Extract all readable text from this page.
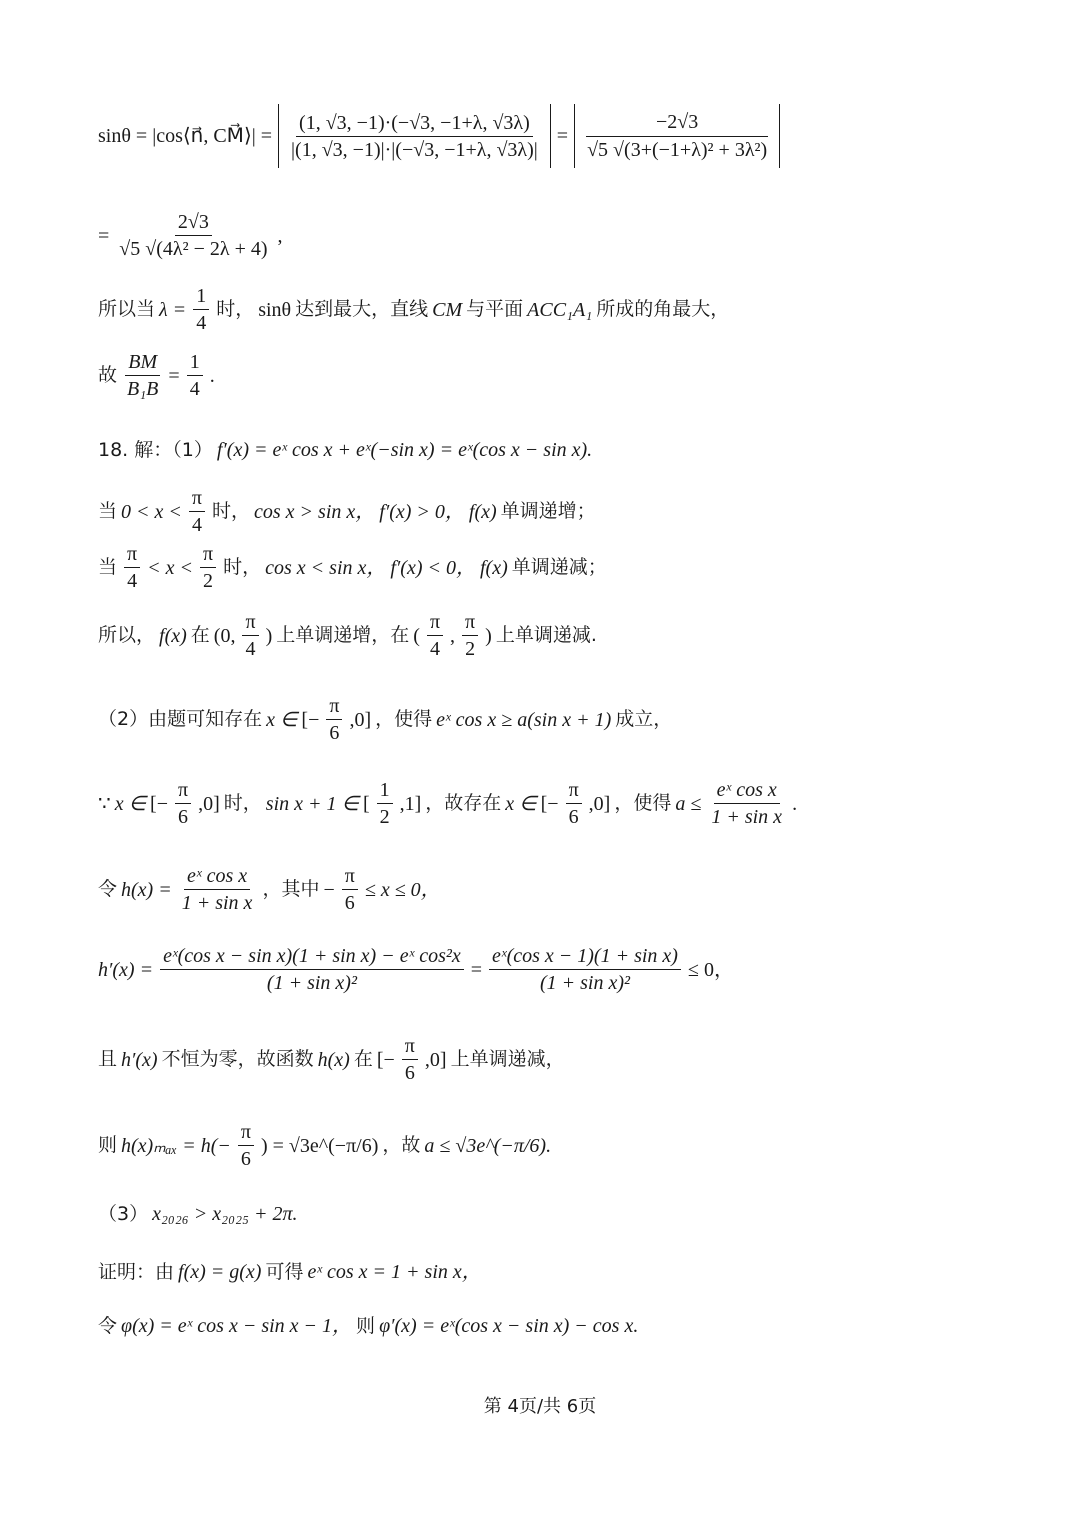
sinθ = |cos⟨n⃗, CM⃗⟩| = $\frac{(1, √3, -1)\cdot(-√3, -1+\lambda, √3\lambda)}{|(1, √3, -1)|\cdot|(-√3, -1+\lambda, √3\lambda)|} = \frac{-2√3}{\text{√5 √(3+(−1+λ)² + 3λ²)}}$
= $\frac{2√3}{\text{√5 √(4λ² − 2λ + 4)}}$ ,
所以当 $\lambda = \frac{1}{4}$ 时， sinθ 达到最大，直线 CM 与平面 ACC₁A₁ 所成的角最大，
故 $\frac{BM}{\text{B₁B}} = \frac{1}{4}$ .
18. 解：（1） f′(x) = eˣ cos x + eˣ(−sin x) = eˣ(cos x − sin x).
当 $0 < x < \frac{\pi}{4}$ 时， cos x > sin x， f′(x) > 0， f(x) 单调递增；
当 $\frac{\pi}{4} < x < \frac{\pi}{2}$ 时， cos x < sin x， f′(x) < 0， f(x) 单调递减；
所以， f(x) 在 (0, $\frac{\pi}{4}$ ) 上单调递增，在 ( $\frac{\pi}{4}$ , $\frac{\pi}{2}$ ) 上单调递减.
（2）由题可知存在 x ∈ [− $\frac{\pi}{6} ,0$] ，使得 eˣ cos x ≥ a(sin x + 1) 成立，
∵ x ∈ [− $\frac{\pi}{6} ,0$] 时， sin x + 1 ∈ [ $\frac{1}{2} ,1$] ，故存在 x ∈ [− $\frac{\pi}{6} ,0$] ，使得 $a \le \frac{\text{eˣ cos x}}{\text{1 + sin x}}$ .
令 $h(x) = \frac{\text{eˣ cos x}}{\text{1 + sin x}}$ ，其中 − $\frac{\pi}{6} \le x \le 0$，
$h'(x) = \frac{\text{eˣ(cos x − sin x)(1 + sin x) − eˣ cos²x}}{\text{(1 + sin x)²}} = \frac{\text{eˣ(cos x − 1)(1 + sin x)}}{\text{(1 + sin x)²}} \le 0$，
且 h′(x) 不恒为零，故函数 h(x) 在 [− $\frac{\pi}{6} ,0$] 上单调递减，
则 $h(x)_{max} = h(- \frac{\pi}{6}$ ) = √3e^(−π/6) ，故 a ≤ √3e^(−π/6).
（3） x₂₀₂₆ > x₂₀₂₅ + 2π.
证明：由 f(x) = g(x) 可得 eˣ cos x = 1 + sin x，
令 φ(x) = eˣ cos x − sin x − 1， 则 φ′(x) = eˣ(cos x − sin x) − cos x.
第 4页/共 6页
